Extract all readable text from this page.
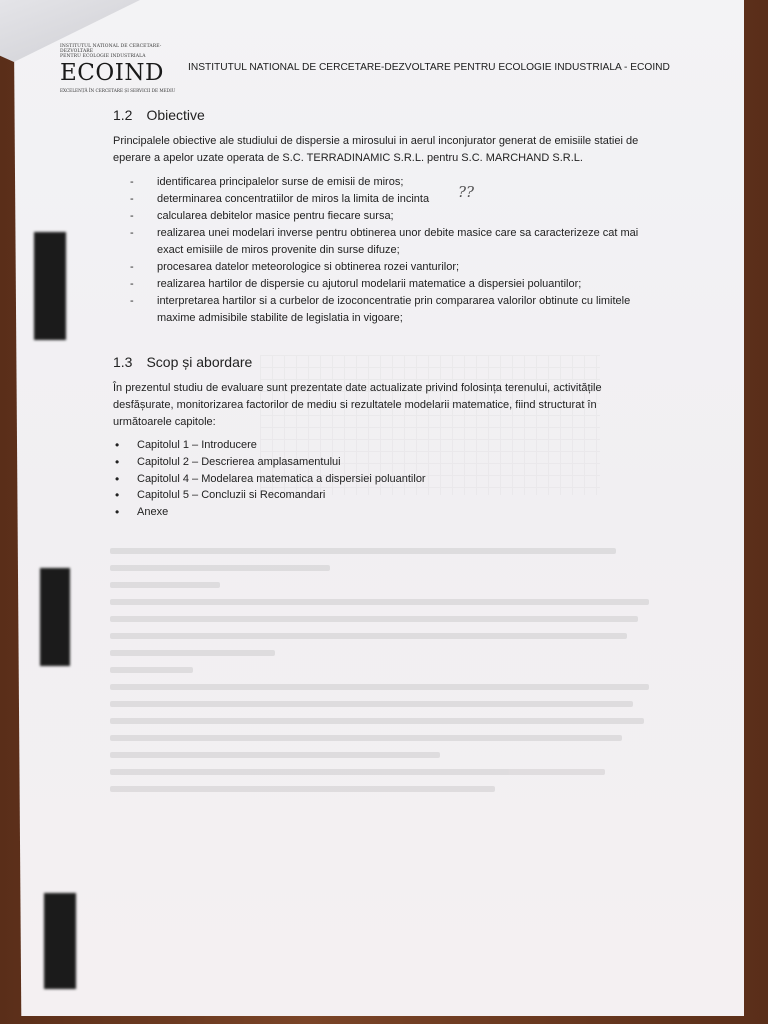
INSTITUTUL NATIONAL DE CERCETARE-DEZVOLTARE
PENTRU ECOLOGIE INDUSTRIALA
ECOIND
EXCELENȚĂ ÎN CERCETARE ȘI SERVICII DE MEDIU
INSTITUTUL NATIONAL DE CERCETARE-DEZVOLTARE PENTRU ECOLOGIE INDUSTRIALA - ECOIND
1.2 Obiective
Principalele obiective ale studiului de dispersie a mirosului in aerul inconjurator generat de emisiile statiei de eperare a apelor uzate operata de S.C. TERRADINAMIC S.R.L. pentru S.C. MARCHAND S.R.L.
- identificarea principalelor surse de emisii de miros;
- determinarea concentratiilor de miros la limita de incinta
- calcularea debitelor masice pentru fiecare sursa;
- realizarea unei modelari inverse pentru obtinerea unor debite masice care sa caracterizeze cat mai exact emisiile de miros provenite din surse difuze;
- procesarea datelor meteorologice si obtinerea rozei vanturilor;
- realizarea hartilor de dispersie cu ajutorul modelarii matematice a dispersiei poluantilor;
- interpretarea hartilor si a curbelor de izoconcentratie prin compararea valorilor obtinute cu limitele maxime admisibile stabilite de legislatia in vigoare;
??
1.3 Scop și abordare
În prezentul studiu de evaluare sunt prezentate date actualizate privind folosința terenului, activitățile desfășurate, monitorizarea factorilor de mediu si rezultatele modelarii matematice, fiind structurat în următoarele capitole:
• Capitolul 1 – Introducere
• Capitolul 2 – Descrierea amplasamentului
• Capitolul 4 – Modelarea matematica a dispersiei poluantilor
• Capitolul 5 – Concluzii si Recomandari
• Anexe
